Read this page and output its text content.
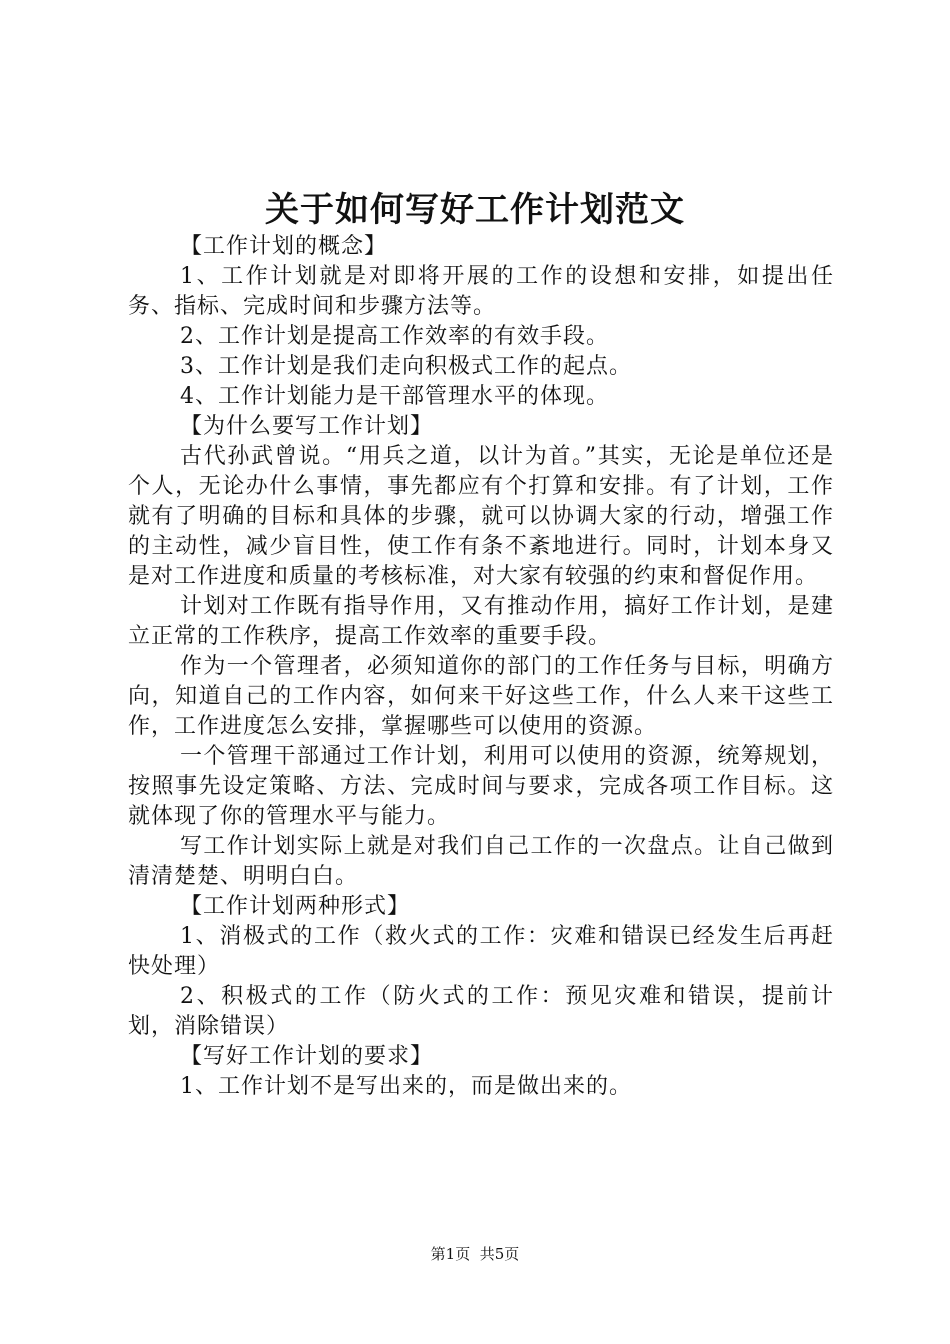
关于如何写好工作计划范文

【工作计划的概念】

1、工作计划就是对即将开展的工作的设想和安排，如提出任务、指标、完成时间和步骤方法等。

2、工作计划是提高工作效率的有效手段。

3、工作计划是我们走向积极式工作的起点。

4、工作计划能力是干部管理水平的体现。

【为什么要写工作计划】

古代孙武曾说。“用兵之道，以计为首。”其实，无论是单位还是个人，无论办什么事情，事先都应有个打算和安排。有了计划，工作就有了明确的目标和具体的步骤，就可以协调大家的行动，增强工作的主动性，减少盲目性，使工作有条不紊地进行。同时，计划本身又是对工作进度和质量的考核标准，对大家有较强的约束和督促作用。

计划对工作既有指导作用，又有推动作用，搞好工作计划，是建立正常的工作秩序，提高工作效率的重要手段。

作为一个管理者，必须知道你的部门的工作任务与目标，明确方向，知道自己的工作内容，如何来干好这些工作，什么人来干这些工作，工作进度怎么安排，掌握哪些可以使用的资源。

一个管理干部通过工作计划，利用可以使用的资源，统筹规划，按照事先设定策略、方法、完成时间与要求，完成各项工作目标。这就体现了你的管理水平与能力。

写工作计划实际上就是对我们自己工作的一次盘点。让自己做到清清楚楚、明明白白。

【工作计划两种形式】

1、消极式的工作（救火式的工作：灾难和错误已经发生后再赶快处理）

2、积极式的工作（防火式的工作：预见灾难和错误，提前计划，消除错误）

【写好工作计划的要求】

1、工作计划不是写出来的，而是做出来的。

第1页 共5页
